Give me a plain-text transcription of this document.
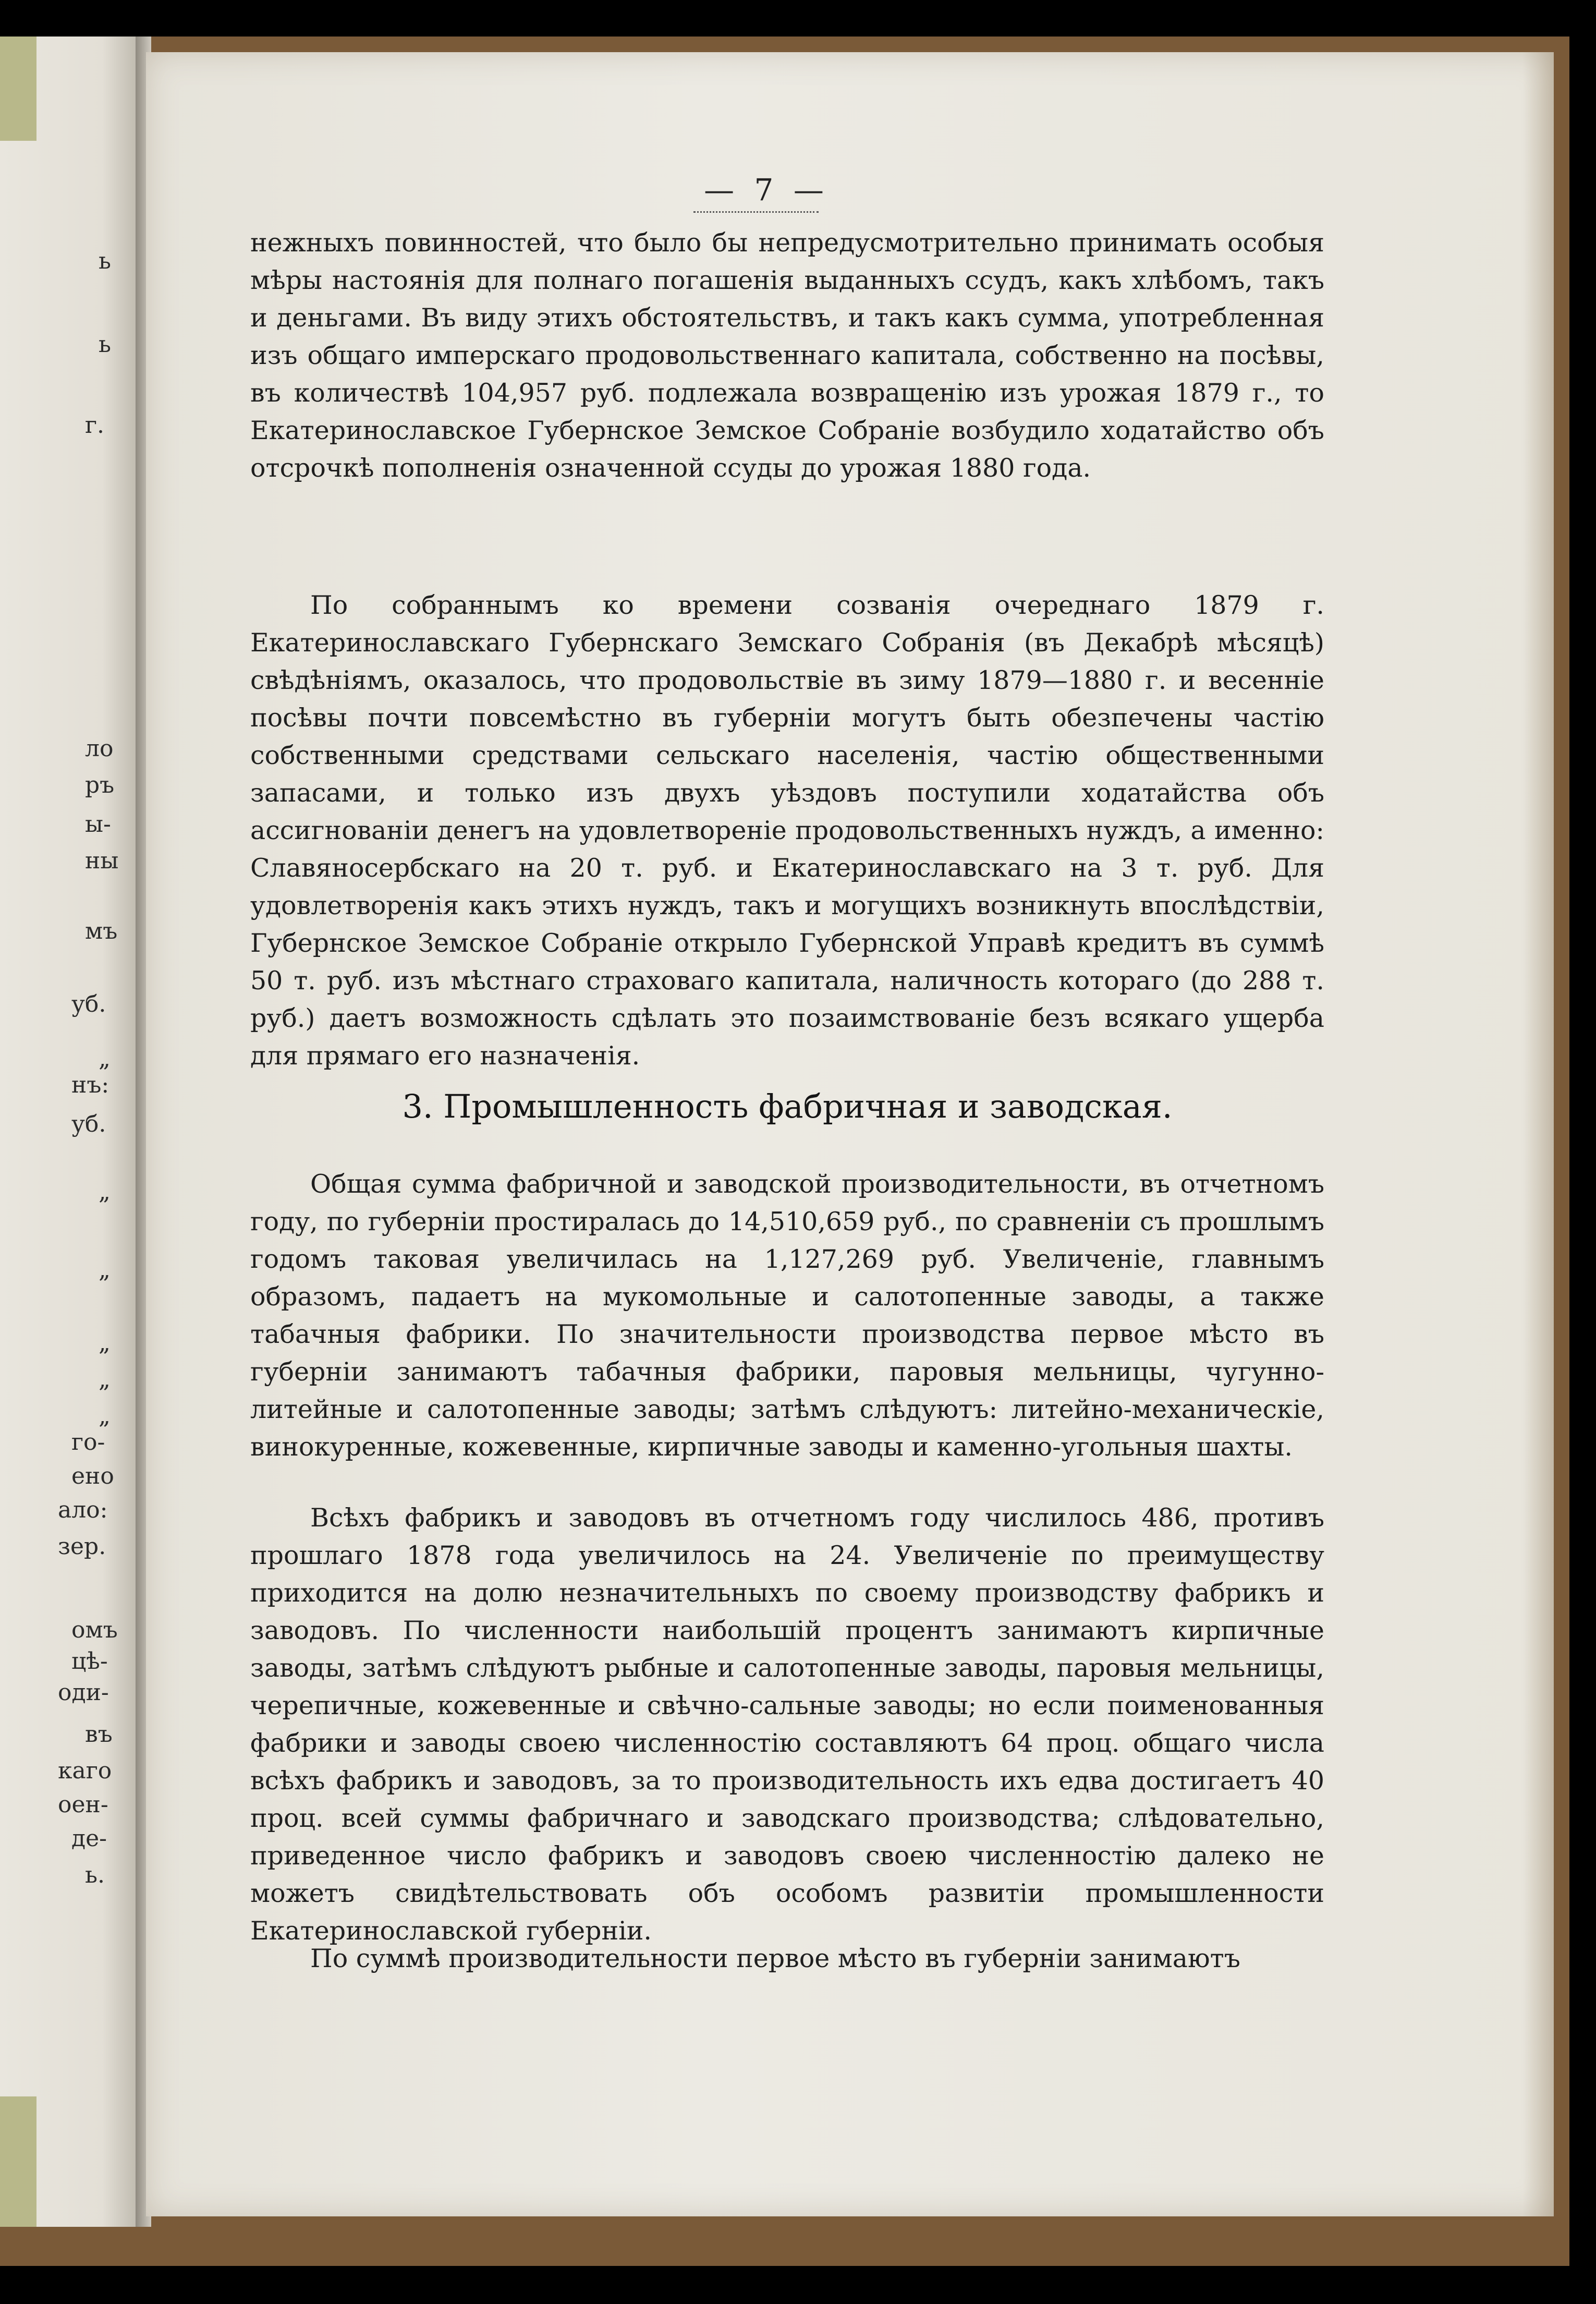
ь
ь
г.
ло
ръ
ы-
ны
мъ
уб.
„
нъ:
уб.
„
„
„
„
„
го-
ено
ало:
зер.
омъ
цѣ-
оди-
въ
каго
оен-
де-
ь.
— 7 —

нежныхъ повинностей, что было бы непредусмотрительно принимать особыя мѣры настоянія для полнаго погашенія выданныхъ ссудъ, какъ хлѣбомъ, такъ и деньгами. Въ виду этихъ обстоятельствъ, и такъ какъ сумма, употребленная изъ общаго имперскаго продовольственнаго капитала, собственно на посѣвы, въ количествѣ 104,957 руб. подлежала возвращенію изъ урожая 1879 г., то Екатеринославское Губернское Земское Собраніе возбудило ходатайство объ отсрочкѣ пополненія означенной ссуды до урожая 1880 года.

По собраннымъ ко времени созванія очереднаго 1879 г. Екатеринославскаго Губернскаго Земскаго Собранія (въ Декабрѣ мѣсяцѣ) свѣдѣніямъ, оказалось, что продовольствіе въ зиму 1879—1880 г. и весенніе посѣвы почти повсемѣстно въ губерніи могутъ быть обезпечены частію собственными средствами сельскаго населенія, частію общественными запасами, и только изъ двухъ уѣздовъ поступили ходатайства объ ассигнованіи денегъ на удовлетвореніе продовольственныхъ нуждъ, а именно: Славяносербскаго на 20 т. руб. и Екатеринославскаго на 3 т. руб. Для удовлетворенія какъ этихъ нуждъ, такъ и могущихъ возникнуть впослѣдствіи, Губернское Земское Собраніе открыло Губернской Управѣ кредитъ въ суммѣ 50 т. руб. изъ мѣстнаго страховаго капитала, наличность котораго (до 288 т. руб.) даетъ возможность сдѣлать это позаимствованіе безъ всякаго ущерба для прямаго его назначенія.

3. Промышленность фабричная и заводская.

Общая сумма фабричной и заводской производительности, въ отчетномъ году, по губерніи простиралась до 14,510,659 руб., по сравненіи съ прошлымъ годомъ таковая увеличилась на 1,127,269 руб. Увеличеніе, главнымъ образомъ, падаетъ на мукомольные и салотопенные заводы, а также табачныя фабрики. По значительности производства первое мѣсто въ губерніи занимаютъ табачныя фабрики, паровыя мельницы, чугунно-литейные и салотопенные заводы; затѣмъ слѣдуютъ: литейно-механическіе, винокуренные, кожевенные, кирпичные заводы и каменно-угольныя шахты.

Всѣхъ фабрикъ и заводовъ въ отчетномъ году числилось 486, противъ прошлаго 1878 года увеличилось на 24. Увеличеніе по преимуществу приходится на долю незначительныхъ по своему производству фабрикъ и заводовъ. По численности наибольшій процентъ занимаютъ кирпичные заводы, затѣмъ слѣдуютъ рыбные и салотопенные заводы, паровыя мельницы, черепичные, кожевенные и свѣчно-сальные заводы; но если поименованныя фабрики и заводы своею численностію составляютъ 64 проц. общаго числа всѣхъ фабрикъ и заводовъ, за то производительность ихъ едва достигаетъ 40 проц. всей суммы фабричнаго и заводскаго производства; слѣдовательно, приведенное число фабрикъ и заводовъ своею численностію далеко не можетъ свидѣтельствовать объ особомъ развитіи промышленности Екатеринославской губерніи.

По суммѣ производительности первое мѣсто въ губерніи занимаютъ
